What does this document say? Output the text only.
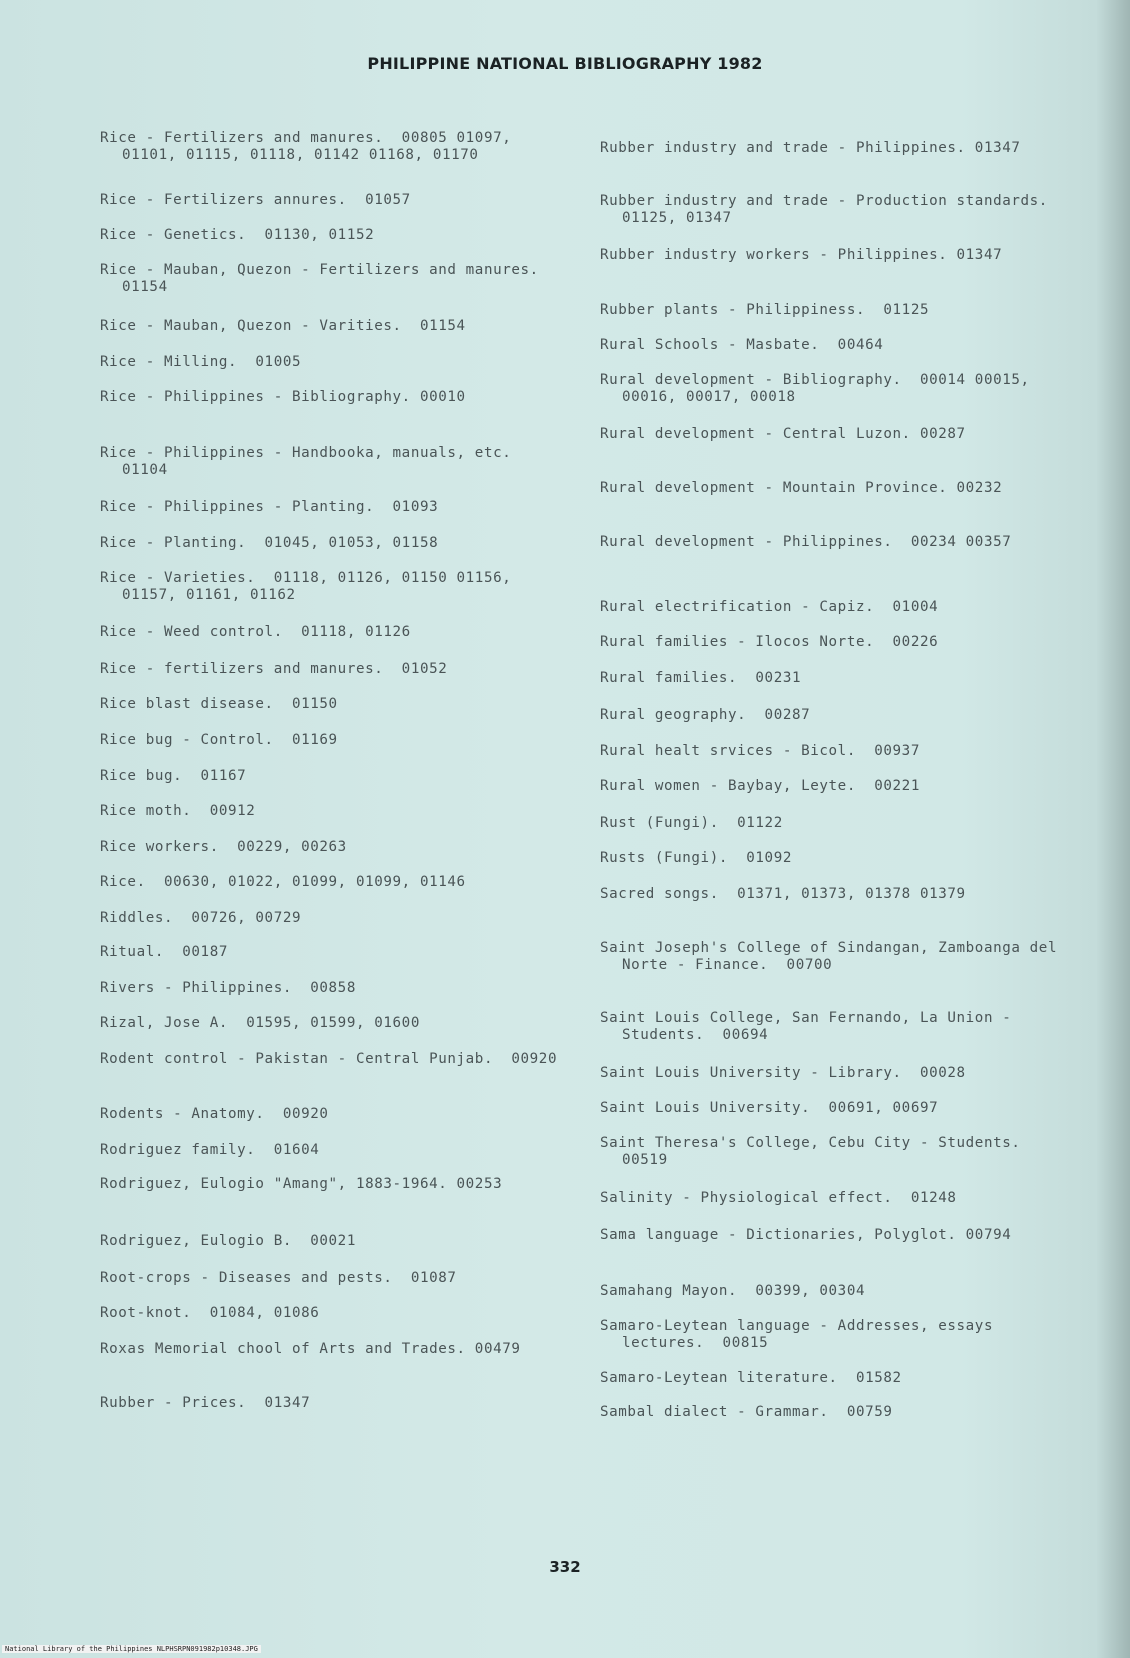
PHILIPPINE NATIONAL BIBLIOGRAPHY 1982
Rice - Fertilizers and manures.  00805 01097, 01101, 01115, 01118, 01142 01168, 01170
Rice - Fertilizers annures.  01057
Rice - Genetics.  01130, 01152
Rice - Mauban, Quezon - Fertilizers and manures.  01154
Rice - Mauban, Quezon - Varities.  01154
Rice - Milling.  01005
Rice - Philippines - Bibliography. 00010
Rice - Philippines - Handbooka, manuals, etc.  01104
Rice - Philippines - Planting.  01093
Rice - Planting.  01045, 01053, 01158
Rice - Varieties.  01118, 01126, 01150 01156, 01157, 01161, 01162
Rice - Weed control.  01118, 01126
Rice - fertilizers and manures.  01052
Rice blast disease.  01150
Rice bug - Control.  01169
Rice bug.  01167
Rice moth.  00912
Rice workers.  00229, 00263
Rice.  00630, 01022, 01099, 01099, 01146
Riddles.  00726, 00729
Ritual.  00187
Rivers - Philippines.  00858
Rizal, Jose A.  01595, 01599, 01600
Rodent control - Pakistan - Central Punjab.  00920
Rodents - Anatomy.  00920
Rodriguez family.  01604
Rodriguez, Eulogio "Amang", 1883-1964. 00253
Rodriguez, Eulogio B.  00021
Root-crops - Diseases and pests.  01087
Root-knot.  01084, 01086
Roxas Memorial chool of Arts and Trades. 00479
Rubber - Prices.  01347
Rubber industry and trade - Philippines. 01347
Rubber industry and trade - Production standards.  01125, 01347
Rubber industry workers - Philippines. 01347
Rubber plants - Philippiness.  01125
Rural Schools - Masbate.  00464
Rural development - Bibliography.  00014 00015, 00016, 00017, 00018
Rural development - Central Luzon. 00287
Rural development - Mountain Province. 00232
Rural development - Philippines.  00234 00357
Rural electrification - Capiz.  01004
Rural families - Ilocos Norte.  00226
Rural families.  00231
Rural geography.  00287
Rural healt srvices - Bicol.  00937
Rural women - Baybay, Leyte.  00221
Rust (Fungi).  01122
Rusts (Fungi).  01092
Sacred songs.  01371, 01373, 01378 01379
Saint Joseph's College of Sindangan, Zamboanga del Norte - Finance.  00700
Saint Louis College, San Fernando, La Union - Students.  00694
Saint Louis University - Library.  00028
Saint Louis University.  00691, 00697
Saint Theresa's College, Cebu City - Students.  00519
Salinity - Physiological effect.  01248
Sama language - Dictionaries, Polyglot. 00794
Samahang Mayon.  00399, 00304
Samaro-Leytean language - Addresses, essays lectures.  00815
Samaro-Leytean literature.  01582
Sambal dialect - Grammar.  00759
332
National Library of the Philippines NLPHSRPN091982p10348.JPG
